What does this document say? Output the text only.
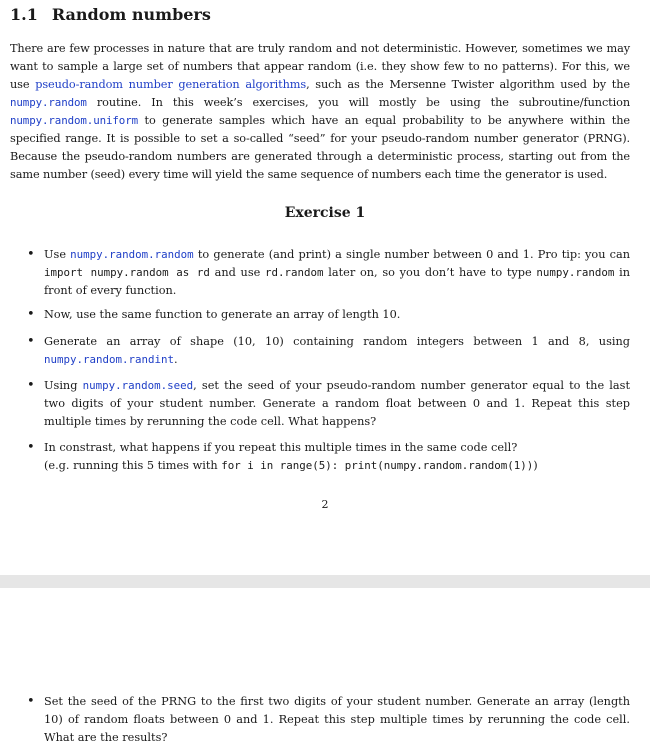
1.1 Random numbers

There are few processes in nature that are truly random and not deterministic. However, sometimes we may want to sample a large set of numbers that appear random (i.e. they show few to no patterns). For this, we use pseudo-random number generation algorithms, such as the Mersenne Twister algorithm used by the numpy.random routine. In this week’s exercises, you will mostly be using the subroutine/function numpy.random.uniform to generate samples which have an equal probability to be anywhere within the specified range. It is possible to set a so-called “seed” for your pseudo-random number generator (PRNG). Because the pseudo-random numbers are generated through a deterministic process, starting out from the same number (seed) every time will yield the same sequence of numbers each time the generator is used.

Exercise 1
• Use numpy.random.random to generate (and print) a single number between 0 and 1. Pro tip: you can import numpy.random as rd and use rd.random later on, so you don’t have to type numpy.random in front of every function.
• Now, use the same function to generate an array of length 10.
• Generate an array of shape (10, 10) containing random integers between 1 and 8, using numpy.random.randint.
• Using numpy.random.seed, set the seed of your pseudo-random number generator equal to the last two digits of your student number. Generate a random float between 0 and 1. Repeat this step multiple times by rerunning the code cell. What happens?
• In constrast, what happens if you repeat this multiple times in the same code cell?
(e.g. running this 5 times with for i in range(5): print(numpy.random.random(1)))
2
• Set the seed of the PRNG to the first two digits of your student number. Generate an array (length 10) of random floats between 0 and 1. Repeat this step multiple times by rerunning the code cell. What are the results?
